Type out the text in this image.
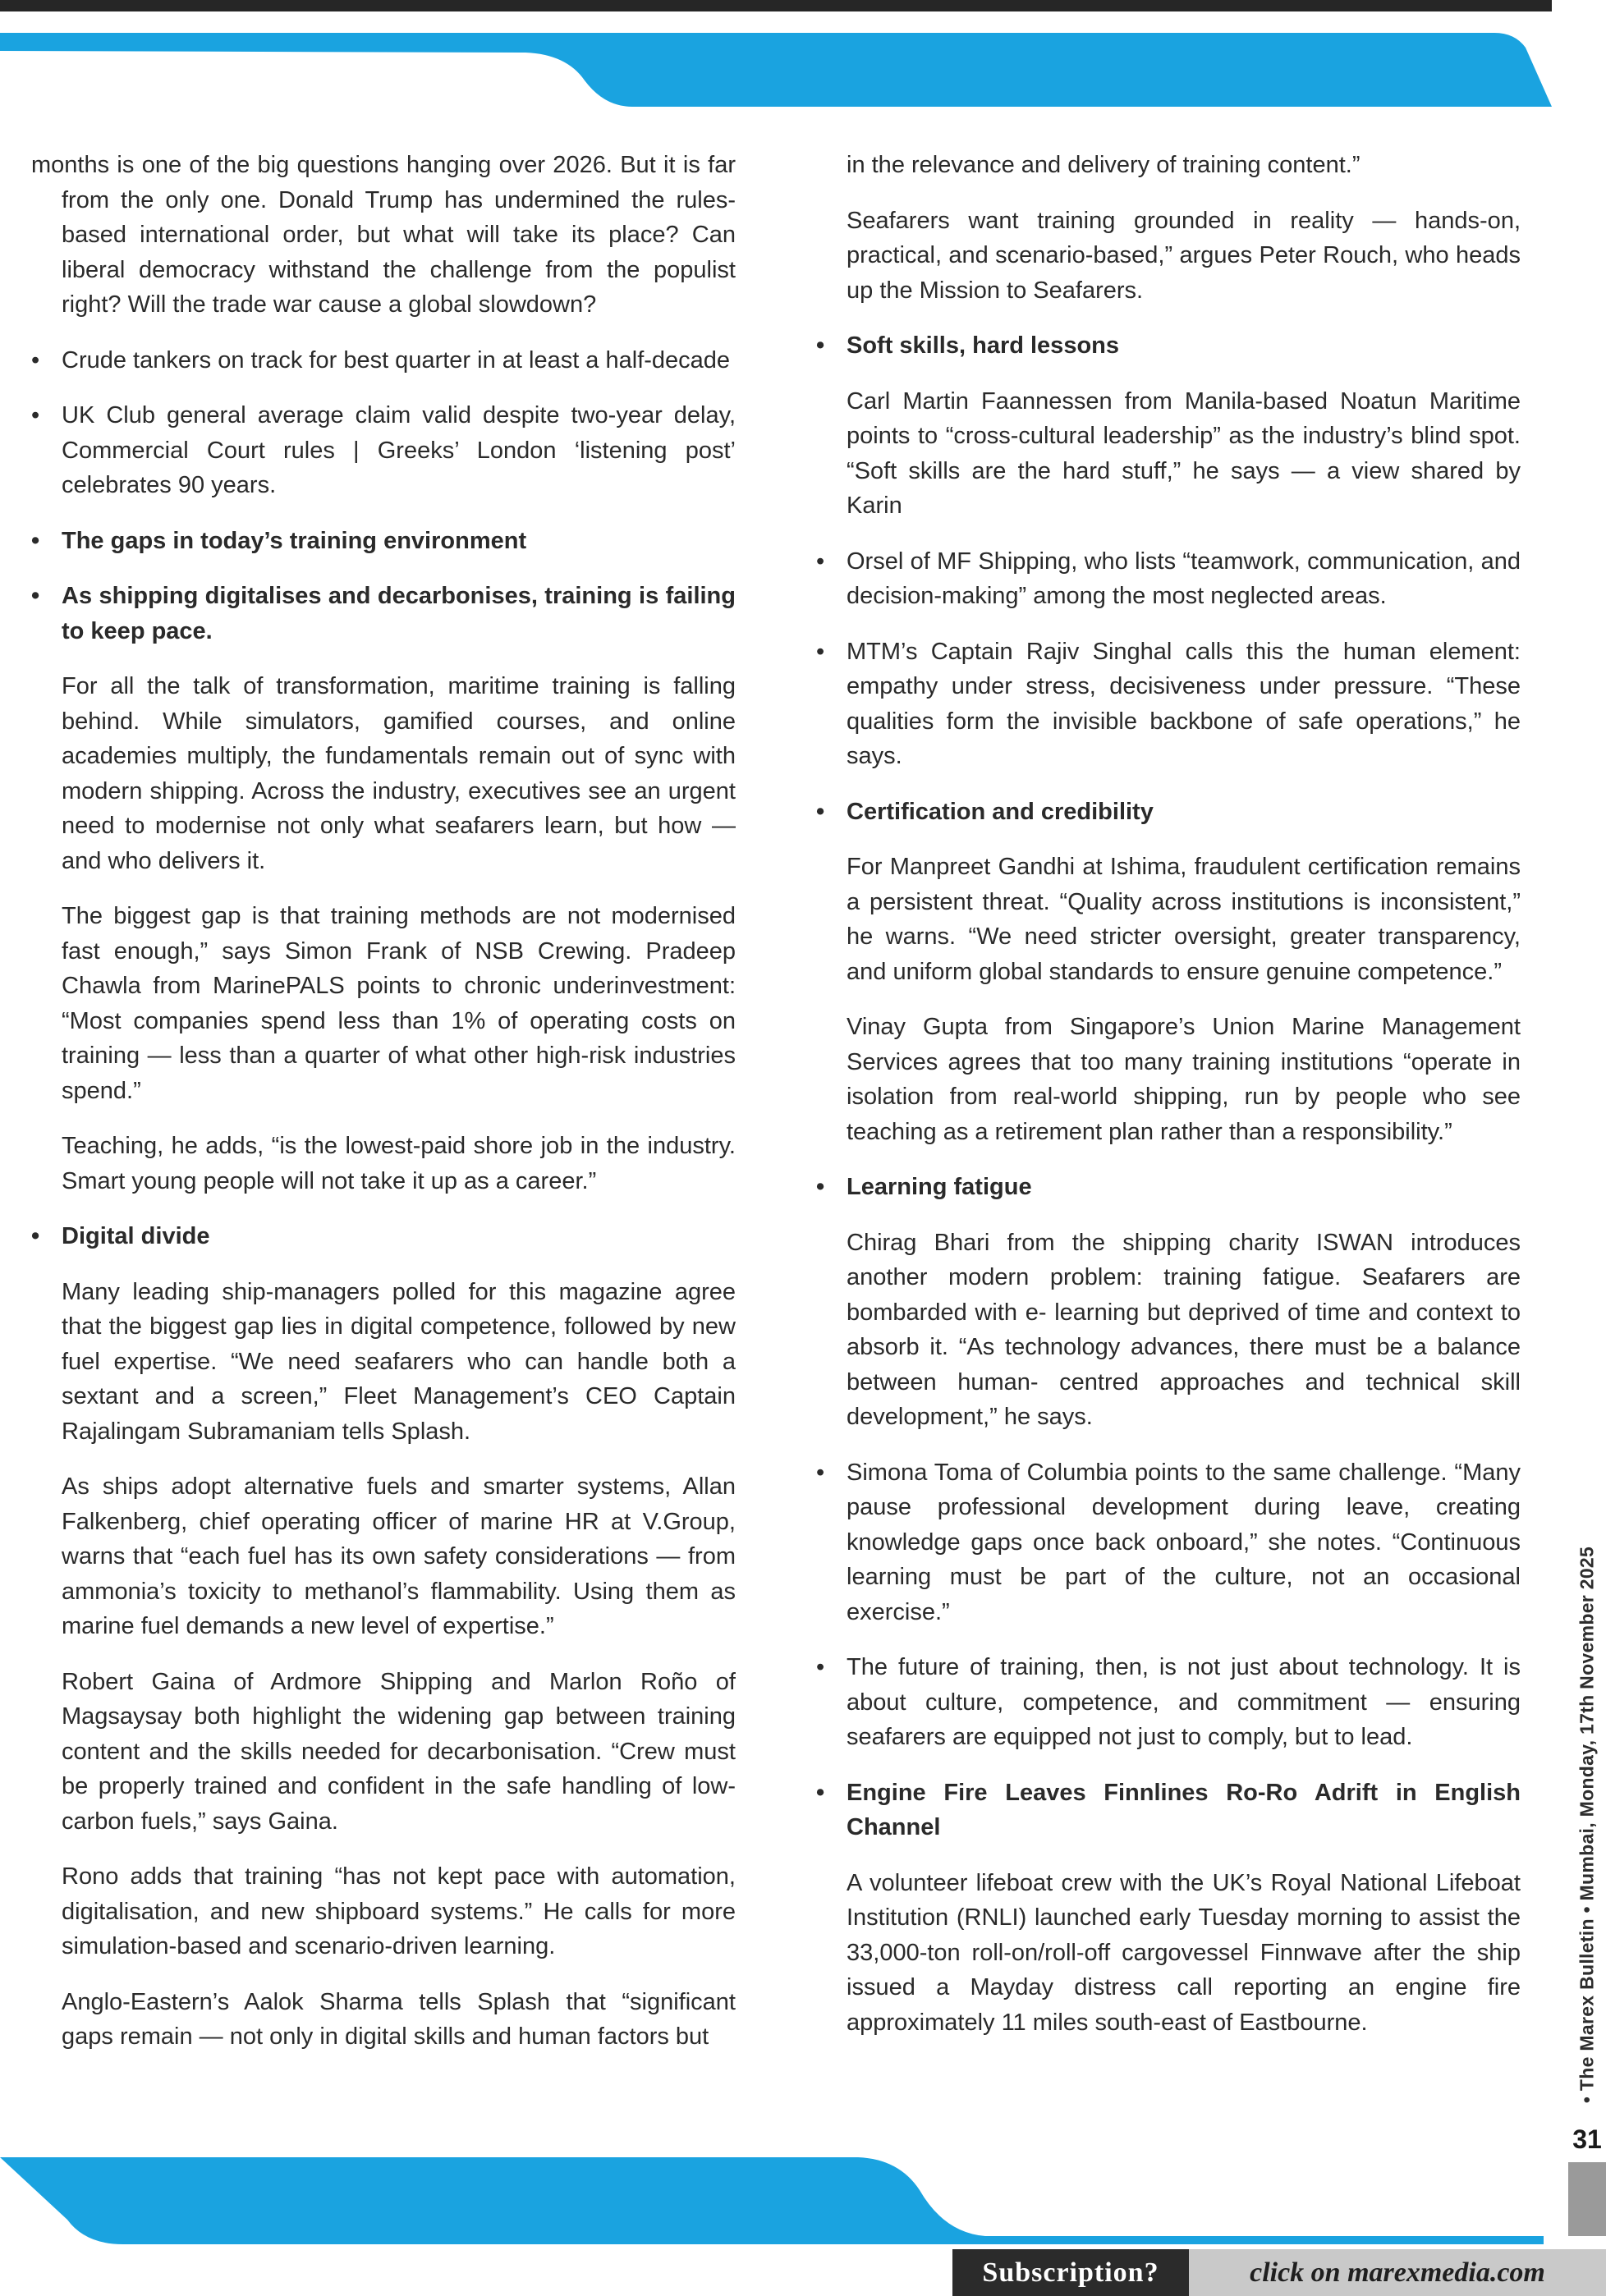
months is one of the big questions hanging over 2026. But it is far from the only one. Donald Trump has undermined the rules-based international order, but what will take its place? Can liberal democracy withstand the challenge from the populist right? Will the trade war cause a global slowdown?

• Crude tankers on track for best quarter in at least a half-decade

• UK Club general average claim valid despite two-year delay, Commercial Court rules | Greeks’ London ‘listening post’ celebrates 90 years.

• The gaps in today’s training environment

• As shipping digitalises and decarbonises, training is failing to keep pace.

For all the talk of transformation, maritime training is falling behind. While simulators, gamified courses, and online academies multiply, the fundamentals remain out of sync with modern shipping. Across the industry, executives see an urgent need to modernise not only what seafarers learn, but how — and who delivers it.

The biggest gap is that training methods are not modernised fast enough,” says Simon Frank of NSB Crewing. Pradeep Chawla from MarinePALS points to chronic underinvestment: “Most companies spend less than 1% of operating costs on training — less than a quarter of what other high-risk industries spend.”

Teaching, he adds, “is the lowest-paid shore job in the industry. Smart young people will not take it up as a career.”

• Digital divide

Many leading ship-managers polled for this magazine agree that the biggest gap lies in digital competence, followed by new fuel expertise. “We need seafarers who can handle both a sextant and a screen,” Fleet Management’s CEO Captain Rajalingam Subramaniam tells Splash.

As ships adopt alternative fuels and smarter systems, Allan Falkenberg, chief operating officer of marine HR at V.Group, warns that “each fuel has its own safety considerations — from ammonia’s toxicity to methanol’s flammability. Using them as marine fuel demands a new level of expertise.”

Robert Gaina of Ardmore Shipping and Marlon Roño of Magsaysay both highlight the widening gap between training content and the skills needed for decarbonisation. “Crew must be properly trained and confident in the safe handling of low-carbon fuels,” says Gaina.

Rono adds that training “has not kept pace with automation, digitalisation, and new shipboard systems.” He calls for more simulation-based and scenario-driven learning.

Anglo-Eastern’s Aalok Sharma tells Splash that “significant gaps remain — not only in digital skills and human factors but

in the relevance and delivery of training content.”

Seafarers want training grounded in reality — hands-on, practical, and scenario-based,” argues Peter Rouch, who heads up the Mission to Seafarers.

• Soft skills, hard lessons

Carl Martin Faannessen from Manila-based Noatun Maritime points to “cross-cultural leadership” as the industry’s blind spot. “Soft skills are the hard stuff,” he says — a view shared by Karin

• Orsel of MF Shipping, who lists “teamwork, communication, and decision-making” among the most neglected areas.

• MTM’s Captain Rajiv Singhal calls this the human element: empathy under stress, decisiveness under pressure. “These qualities form the invisible backbone of safe operations,” he says.

• Certification and credibility

For Manpreet Gandhi at Ishima, fraudulent certification remains a persistent threat. “Quality across institutions is inconsistent,” he warns. “We need stricter oversight, greater transparency, and uniform global standards to ensure genuine competence.”

Vinay Gupta from Singapore’s Union Marine Management Services agrees that too many training institutions “operate in isolation from real-world shipping, run by people who see teaching as a retirement plan rather than a responsibility.”

• Learning fatigue

Chirag Bhari from the shipping charity ISWAN introduces another modern problem: training fatigue. Seafarers are bombarded with e- learning but deprived of time and context to absorb it. “As technology advances, there must be a balance between human- centred approaches and technical skill development,” he says.

• Simona Toma of Columbia points to the same challenge. “Many pause professional development during leave, creating knowledge gaps once back onboard,” she notes. “Continuous learning must be part of the culture, not an occasional exercise.”

• The future of training, then, is not just about technology. It is about culture, competence, and commitment — ensuring seafarers are equipped not just to comply, but to lead.

• Engine Fire Leaves Finnlines Ro-Ro Adrift in English Channel

A volunteer lifeboat crew with the UK’s Royal National Lifeboat Institution (RNLI) launched early Tuesday morning to assist the 33,000-ton roll-on/roll-off cargovessel Finnwave after the ship issued a Mayday distress call reporting an engine fire approximately 11 miles south-east of Eastbourne.	• The Marex Bulletin • Mumbai, Monday, 17th November 2025
31
Subscription?	click on marexmedia.com
